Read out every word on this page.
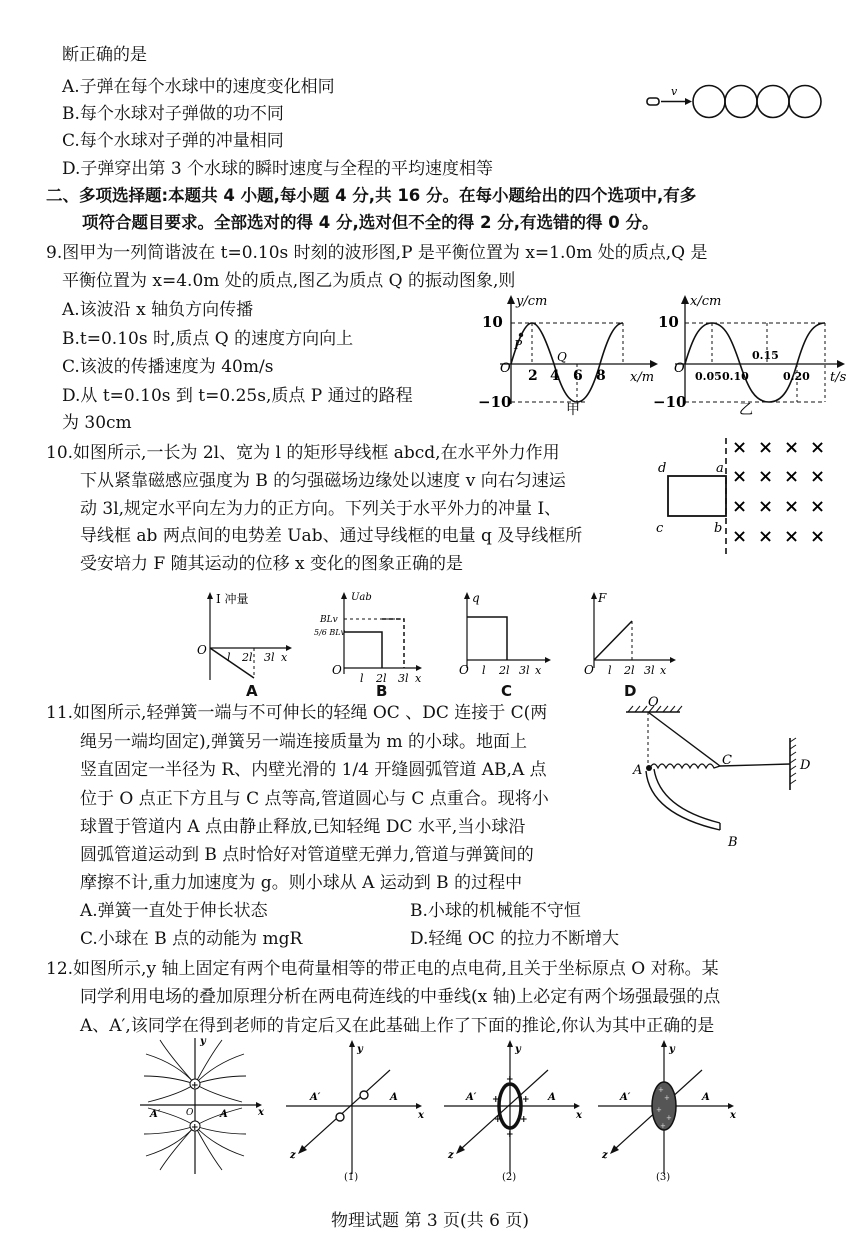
断正确的是
A.子弹在每个水球中的速度变化相同
B.每个水球对子弹做的功不同
C.每个水球对子弹的冲量相同
D.子弹穿出第 3 个水球的瞬时速度与全程的平均速度相等
v
二、多项选择题:本题共 4 小题,每小题 4 分,共 16 分。在每小题给出的四个选项中,有多
项符合题目要求。全部选对的得 4 分,选对但不全的得 2 分,有选错的得 0 分。
9.图甲为一列简谐波在 t=0.10s 时刻的波形图,P 是平衡位置为 x=1.0m 处的质点,Q 是
平衡位置为 x=4.0m 处的质点,图乙为质点 Q 的振动图象,则
A.该波沿 x 轴负方向传播
B.t=0.10s 时,质点 Q 的速度方向向上
C.该波的传播速度为 40m/s
D.从 t=0.10s 到 t=0.25s,质点 P 通过的路程
为 30cm
10
−10
O
y/cm
x/m
P
Q
2 4 6 8
甲
10
−10
O
x/cm
t/s
0.05 0.10
0.15
0.20
乙
10.如图所示,一长为 2l、宽为 l 的矩形导线框 abcd,在水平外力作用
下从紧靠磁感应强度为 B 的匀强磁场边缘处以速度 v 向右匀速运
动 3l,规定水平向左为力的正方向。下列关于水平外力的冲量 I、
导线框 ab 两点间的电势差 Uab、通过导线框的电量 q 及导线框所
受安培力 F 随其运动的位移 x 变化的图象正确的是
d	a
c	b
× × × ×
× × × ×
× × × ×
× × × ×
I 冲量
O
l 2l 3l x
A
Uab
BLv
5/6 BLv
O
l 2l 3l x
B
q
O l 2l 3l x
C
F
O l 2l 3l x
D
11.如图所示,轻弹簧一端与不可伸长的轻绳 OC 、DC 连接于 C(两
绳另一端均固定),弹簧另一端连接质量为 m 的小球。地面上
竖直固定一半径为 R、内壁光滑的 1/4 开缝圆弧管道 AB,A 点
位于 O 点正下方且与 C 点等高,管道圆心与 C 点重合。现将小
球置于管道内 A 点由静止释放,已知轻绳 DC 水平,当小球沿
圆弧管道运动到 B 点时恰好对管道壁无弹力,管道与弹簧间的
摩擦不计,重力加速度为 g。则小球从 A 运动到 B 的过程中
A.弹簧一直处于伸长状态	B.小球的机械能不守恒
C.小球在 B 点的动能为 mgR	D.轻绳 OC 的拉力不断增大
O
A
C	D
B
12.如图所示,y 轴上固定有两个电荷量相等的带正电的点电荷,且关于坐标原点 O 对称。某
同学利用电场的叠加原理分析在两电荷连线的中垂线(x 轴)上必定有两个场强最强的点
A、A′,该同学在得到老师的肯定后又在此基础上作了下面的推论,你认为其中正确的是
+
+
y
x
A′	A
O
y
x
z
A′	A
(1)
+
+
+ +
+ +
y
x
z
A′	A
(2)
+
+
+
+
+
y
x
z
A′	A
(3)
物理试题 第 3 页(共 6 页)
